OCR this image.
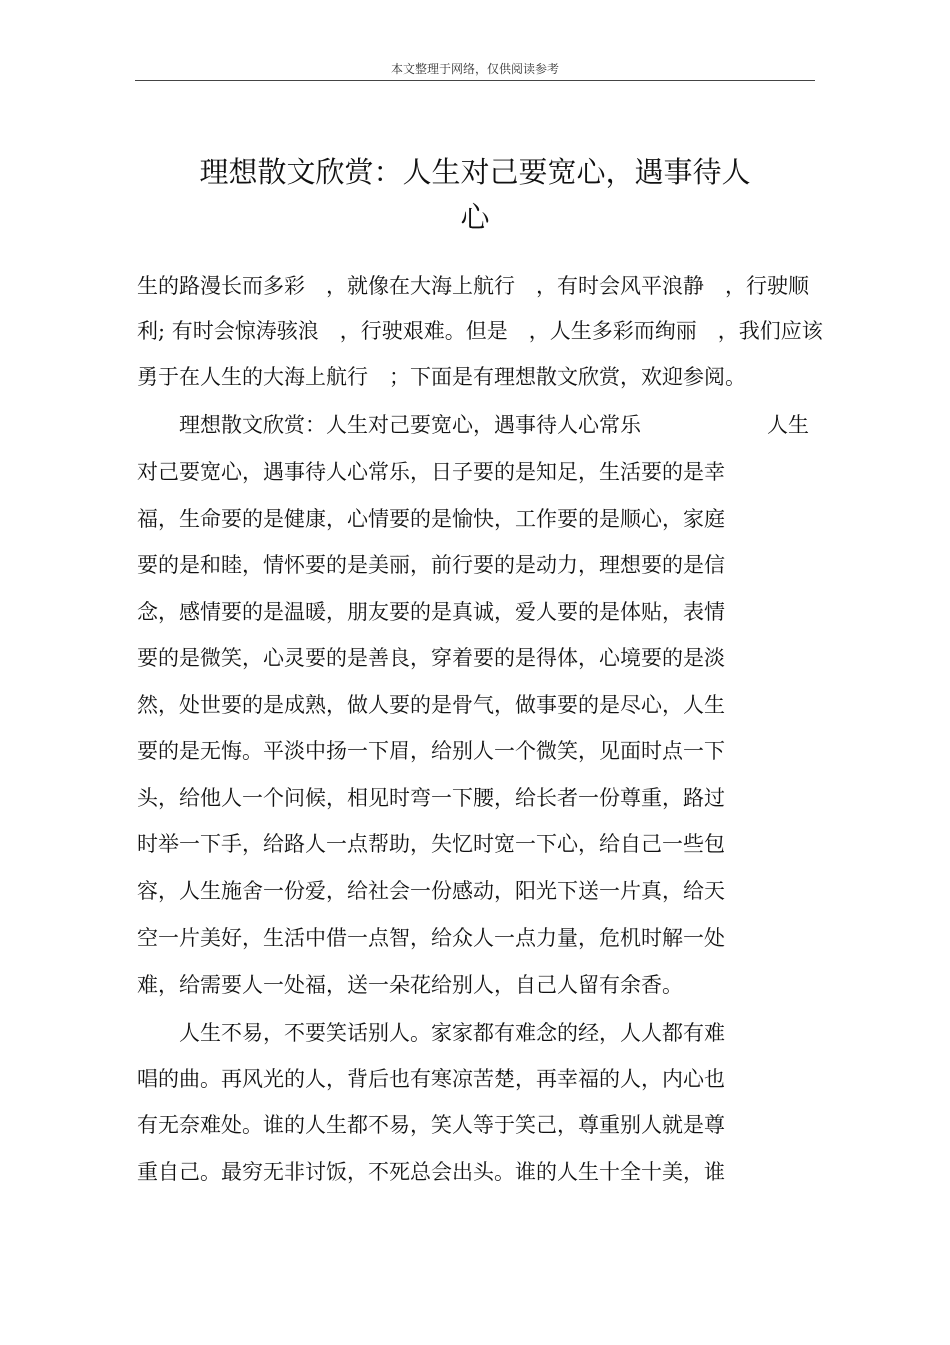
本文整理于网络，仅供阅读参考
理想散文欣赏：人生对己要宽心，遇事待人
心
生的路漫长而多彩　，就像在大海上航行　，有时会风平浪静　，行驶顺
利; 有时会惊涛骇浪　，行驶艰难。但是　，人生多彩而绚丽　，我们应该
勇于在人生的大海上航行　；下面是有理想散文欣赏，欢迎参阅。
　　理想散文欣赏：人生对己要宽心，遇事待人心常乐	人生
对己要宽心，遇事待人心常乐，日子要的是知足，生活要的是幸
福，生命要的是健康，心情要的是愉快，工作要的是顺心，家庭
要的是和睦，情怀要的是美丽，前行要的是动力，理想要的是信
念，感情要的是温暖，朋友要的是真诚，爱人要的是体贴，表情
要的是微笑，心灵要的是善良，穿着要的是得体，心境要的是淡
然，处世要的是成熟，做人要的是骨气，做事要的是尽心，人生
要的是无悔。平淡中扬一下眉，给别人一个微笑，见面时点一下
头，给他人一个问候，相见时弯一下腰，给长者一份尊重，路过
时举一下手，给路人一点帮助，失忆时宽一下心，给自己一些包
容，人生施舍一份爱，给社会一份感动，阳光下送一片真，给天
空一片美好，生活中借一点智，给众人一点力量，危机时解一处
难，给需要人一处福，送一朵花给别人，自己人留有余香。
　　人生不易，不要笑话别人。家家都有难念的经，人人都有难
唱的曲。再风光的人，背后也有寒凉苦楚，再幸福的人，内心也
有无奈难处。谁的人生都不易，笑人等于笑己，尊重别人就是尊
重自己。最穷无非讨饭，不死总会出头。谁的人生十全十美，谁
